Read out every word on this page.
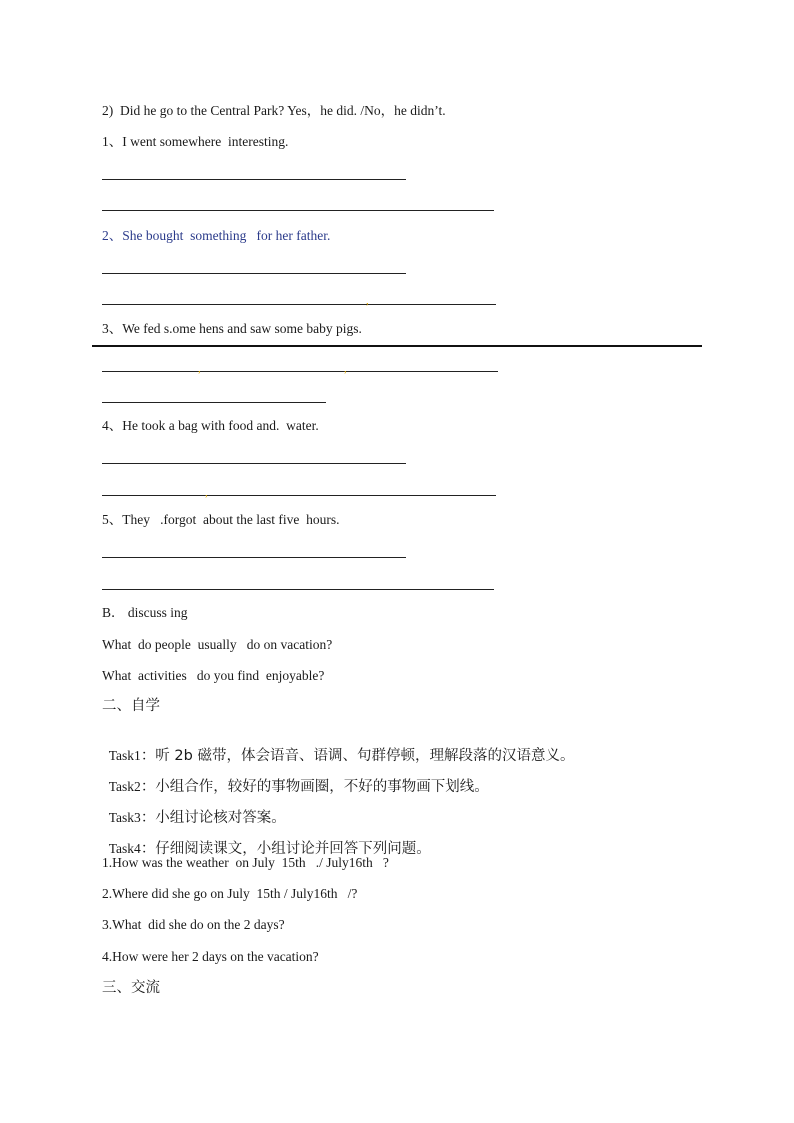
2)  Did he go to the Central Park? Yes，he did. /No，he didn’t.
1、I went somewhere  interesting.
2、She bought  something   for her father.
,
3、We fed s.ome hens and saw some baby pigs.
,	,
4、He took a bag with food and.  water.
,
5、They   .forgot  about the last five  hours.
B． discuss ing
What  do people  usually   do on vacation?
What  activities   do you find  enjoyable?
二、自学

Task1：听 2b 磁带，体会语音、语调、句群停顿，理解段落的汉语意义。

Task2：小组合作，较好的事物画圈，不好的事物画下划线。

Task3：小组讨论核对答案。

Task4：仔细阅读课文，小组讨论并回答下列问题。

1.How was the weather  on July  15th   ./ July16th   ?
2.Where did she go on July  15th / July16th   /?
3.What  did she do on the 2 days?
4.How were her 2 days on the vacation?
三、交流
